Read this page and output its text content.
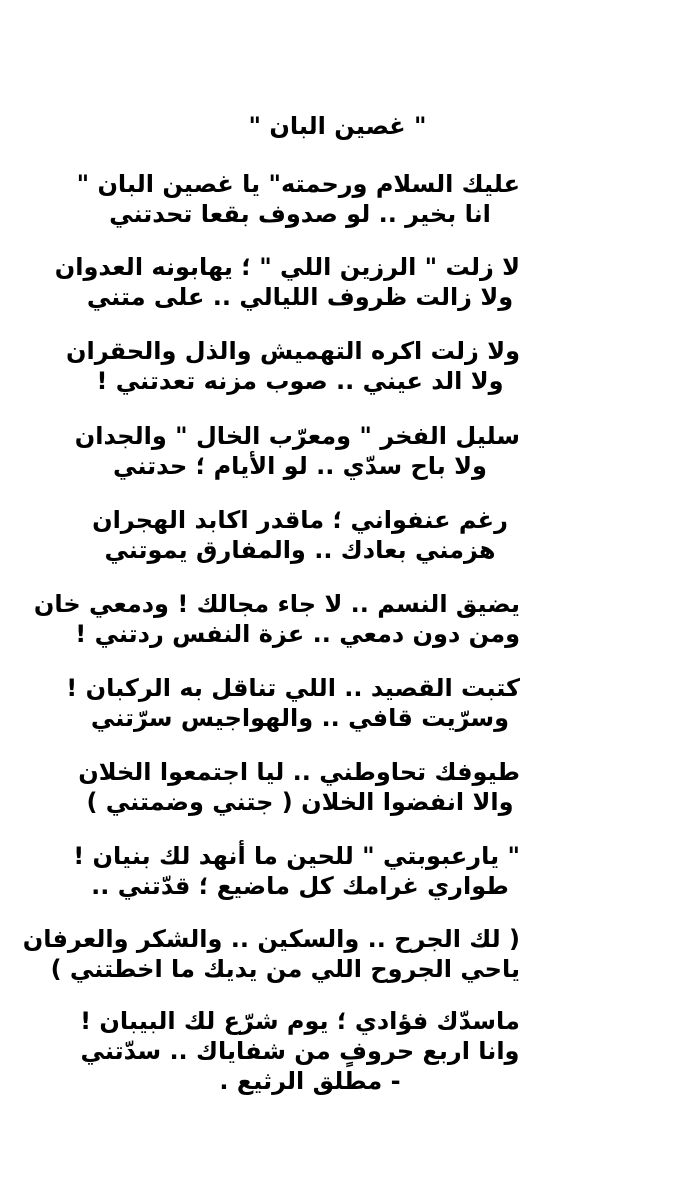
" غصين البان "
عليك السلام ورحمته" يا غصين البان "
انا بخير .. لو صدوف بقعا تحدتني
لا زلت " الرزين اللي " ؛ يهابونه العدوان
ولا زالت ظروف الليالي .. على متني
ولا زلت اكره التهميش والذل والحقران
ولا الد عيني .. صوب مزنه تعدتني !
سليل الفخر " ومعرّب الخال " والجدان
ولا باح سدّي .. لو الأيام ؛ حدتني
رغم عنفواني ؛ ماقدر اكابد الهجران
هزمني بعادك .. والمفارق يموتني
يضيق النسم .. لا جاء مجالك ! ودمعي خان
ومن دون دمعي .. عزة النفس ردتني !
كتبت القصيد .. اللي تناقل به الركبان !
وسرّيت قافي .. والهواجيس سرّتني
طيوفك تحاوطني .. ليا اجتمعوا الخلان
والا انفضوا الخلان ( جتني وضمتني )
" يارعبوبتي " للحين ما أنهد لك بنيان !
طواري غرامك كل ماضيع ؛ قدّتني ..
( لك الجرح .. والسكين .. والشكر والعرفان
ياحي الجروح اللي من يديك ما اخطتني )
ماسدّك فؤادي ؛ يوم شرّع لك البيبان !
وانا اربع حروفٍ من شفاياك .. سدّتني
- مطلق الرثيع .
